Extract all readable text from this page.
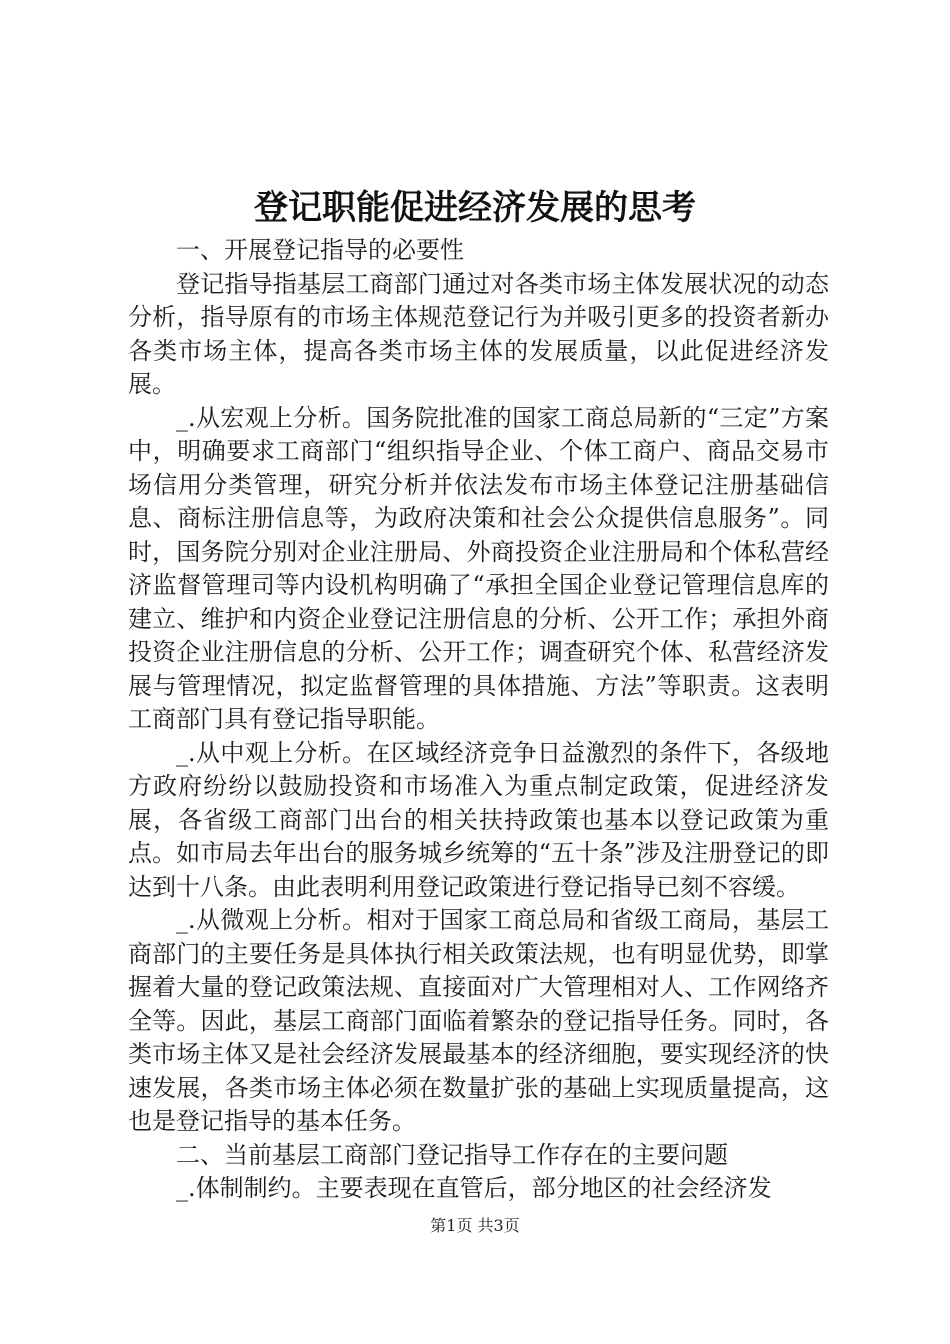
登记职能促进经济发展的思考

一、开展登记指导的必要性

登记指导指基层工商部门通过对各类市场主体发展状况的动态分析，指导原有的市场主体规范登记行为并吸引更多的投资者新办各类市场主体，提高各类市场主体的发展质量，以此促进经济发展。

_.从宏观上分析。国务院批准的国家工商总局新的“三定”方案中，明确要求工商部门“组织指导企业、个体工商户、商品交易市场信用分类管理，研究分析并依法发布市场主体登记注册基础信息、商标注册信息等，为政府决策和社会公众提供信息服务”。同时，国务院分别对企业注册局、外商投资企业注册局和个体私营经济监督管理司等内设机构明确了“承担全国企业登记管理信息库的建立、维护和内资企业登记注册信息的分析、公开工作；承担外商投资企业注册信息的分析、公开工作；调查研究个体、私营经济发展与管理情况，拟定监督管理的具体措施、方法”等职责。这表明工商部门具有登记指导职能。

_.从中观上分析。在区域经济竞争日益激烈的条件下，各级地方政府纷纷以鼓励投资和市场准入为重点制定政策，促进经济发展，各省级工商部门出台的相关扶持政策也基本以登记政策为重点。如市局去年出台的服务城乡统筹的“五十条”涉及注册登记的即达到十八条。由此表明利用登记政策进行登记指导已刻不容缓。

_.从微观上分析。相对于国家工商总局和省级工商局，基层工商部门的主要任务是具体执行相关政策法规，也有明显优势，即掌握着大量的登记政策法规、直接面对广大管理相对人、工作网络齐全等。因此，基层工商部门面临着繁杂的登记指导任务。同时，各类市场主体又是社会经济发展最基本的经济细胞，要实现经济的快速发展，各类市场主体必须在数量扩张的基础上实现质量提高，这也是登记指导的基本任务。

二、当前基层工商部门登记指导工作存在的主要问题

_.体制制约。主要表现在直管后，部分地区的社会经济发

第1页 共3页
